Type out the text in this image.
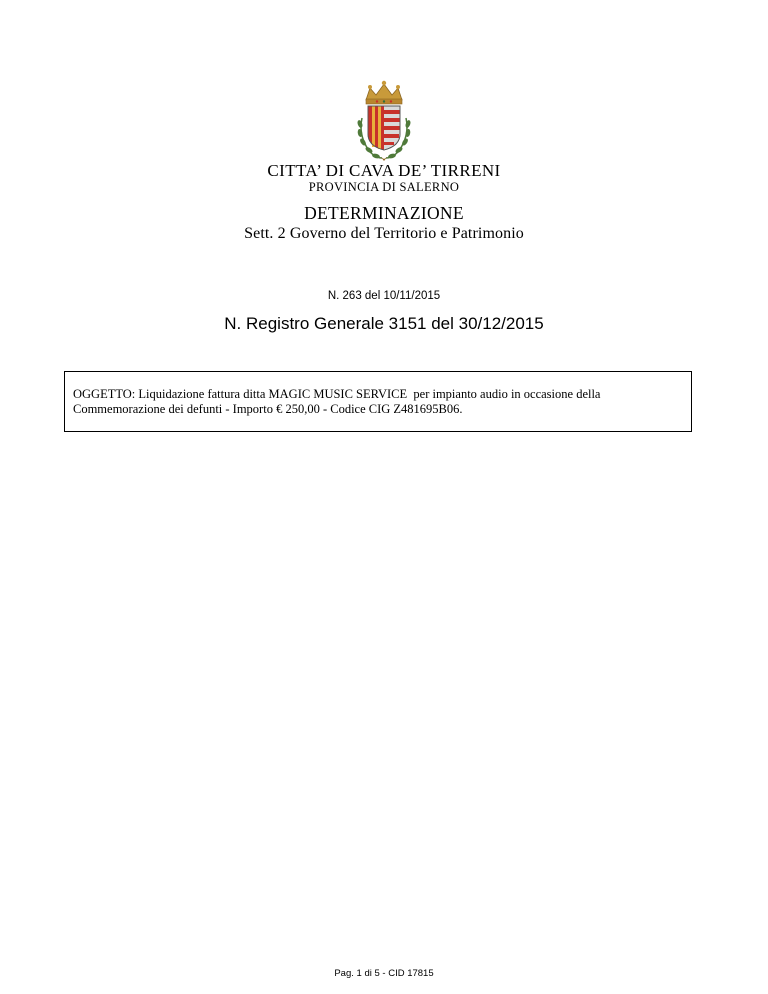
CITTA’ DI CAVA DE’ TIRRENI
PROVINCIA DI SALERNO
DETERMINAZIONE
Sett. 2 Governo del Territorio e Patrimonio
N. 263 del 10/11/2015
N. Registro Generale 3151 del 30/12/2015
OGGETTO: Liquidazione fattura ditta MAGIC MUSIC SERVICE  per impianto audio in occasione della
Commemorazione dei defunti - Importo € 250,00 - Codice CIG Z481695B06.
Pag. 1 di 5 - CID 17815
